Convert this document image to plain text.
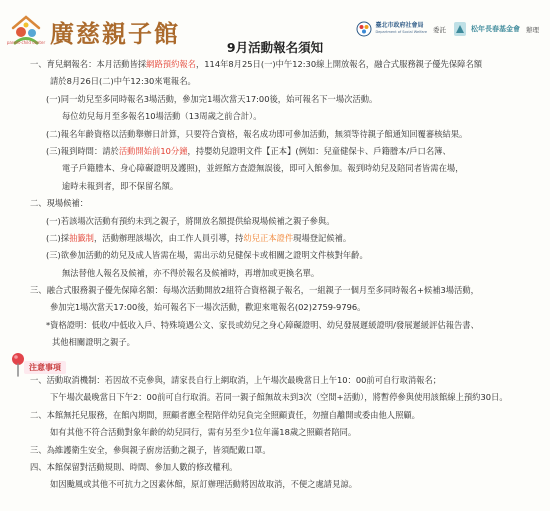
parent-child center 廣慈親子館	臺北市政府社會局
Department of Social Welfare 委託	松年長春基金會 辦理
9月活動報名須知
一、育兒網報名：本月活動皆採網路預約報名，114年8月25日(一)中午12:30線上開放報名，融合式服務親子優先保障名額
請於8月26日(二)中午12:30來電報名。
(一)同一幼兒至多同時報名3場活動，參加完1場次當天17:00後，始可報名下一場次活動。
每位幼兒每月至多報名10場活動（13周歲之前合計）。
(二)報名年齡資格以活動舉辦日計算，只要符合資格，報名成功即可參加活動，無須等待親子館通知回覆審核結果。
(三)報到時間：請於活動開始前10分鐘，持嬰幼兒證明文件【正本】(例如：兒童健保卡、戶籍謄本/戶口名簿、
電子戶籍謄本、身心障礙證明及護照)，並經館方查證無誤後，即可入館參加。報到時幼兒及陪同者皆需在場，
逾時未報到者，即不保留名額。
二、現場候補：
(一)若該場次活動有預約未到之親子，將開放名額提供給現場候補之親子參與。
(二)採抽籤制，活動辦理該場次，由工作人員引導，持幼兒正本證件現場登記候補。
(三)欲參加活動的幼兒及成人皆需在場，需出示幼兒健保卡或相關之證明文件核對年齡。
無法替他人報名及候補，亦不得於報名及候補時，再增加或更換名單。
三、融合式服務親子優先保障名額：每場次活動開放2組符合資格親子報名，一組親子一個月至多同時報名+候補3場活動，
參加完1場次當天17:00後，始可報名下一場次活動，歡迎來電報名(02)2759-9796。
*資格證明：低收/中低收入戶、特殊境遇公文、家長或幼兒之身心障礙證明、幼兒發展遲緩證明/發展遲緩評估報告書、
其他相關證明之親子。
注意事項
一、活動取消機制：若因故不克參與，請家長自行上網取消，上午場次最晚當日上午10：00前可自行取消報名；
下午場次最晚當日下午2：00前可自行取消。若同一親子館無故未到3次（空間+活動），將暫停參與使用該館線上預約30日。
二、本館無托兒服務，在館內期間，照顧者應全程陪伴幼兒負完全照顧責任，勿擅自離開或委由他人照顧。
如有其他不符合活動對象年齡的幼兒同行，需有另至少1位年滿18歲之照顧者陪同。
三、為維護衛生安全，參與親子廚房活動之親子，皆須配戴口罩。
四、本館保留對活動規則、時間、參加人數的修改權利。
如因颱風或其他不可抗力之因素休館，原訂辦理活動將因故取消，不便之處請見諒。
